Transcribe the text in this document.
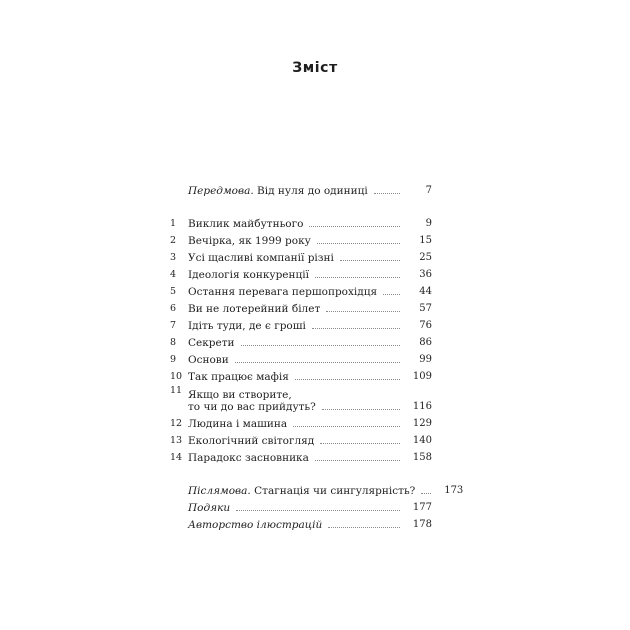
Зміст
Передмова. Від нуля до одиниці	7
1	Виклик майбутнього	9
2	Вечірка, як 1999 року	15
3	Усі щасливі компанії різні	25
4	Ідеологія конкуренції	36
5	Остання перевага першопрохідця	44
6	Ви не лотерейний білет	57
7	Ідіть туди, де є гроші	76
8	Секрети	86
9	Основи	99
10 Так працює мафія	109
11 Якщо ви створите,
то чи до вас прийдуть?	116
12 Людина і машина	129
13 Екологічний світогляд	140
14 Парадокс засновника	158
Післямова. Стагнація чи сингулярність?	173
Подяки	177
Авторство ілюстрацій	178
